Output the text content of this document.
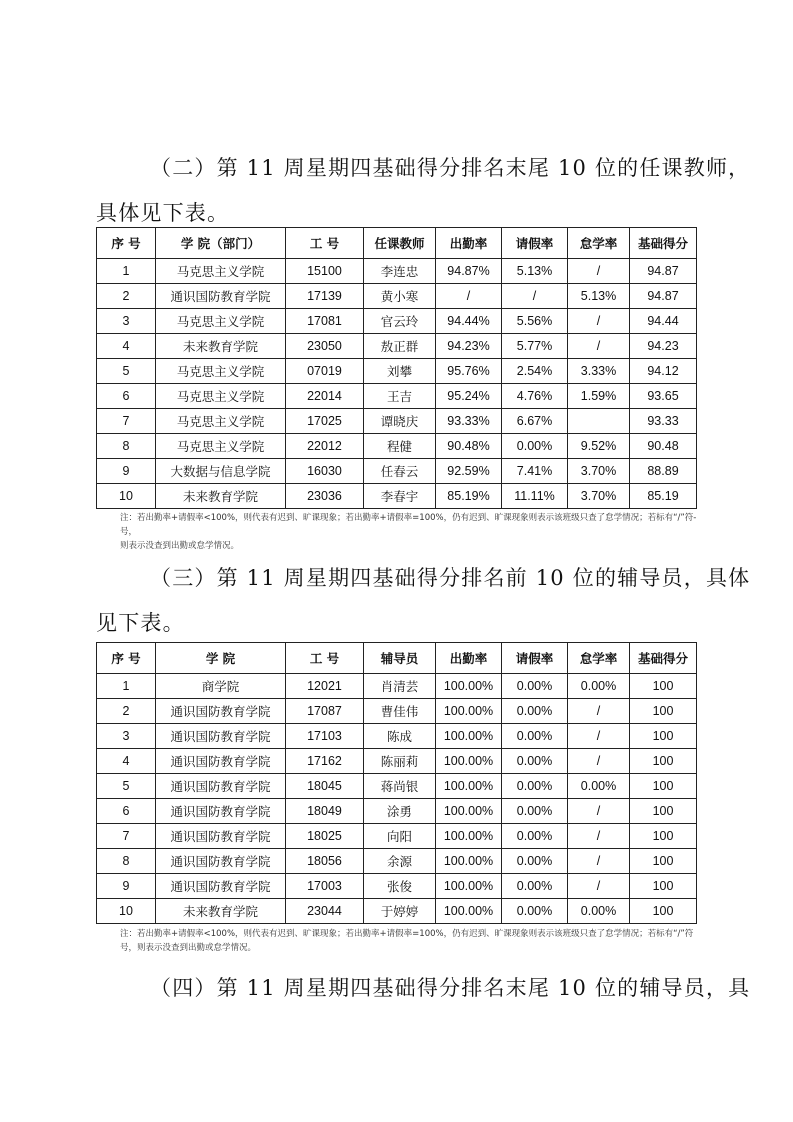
（二）第 11 周星期四基础得分排名末尾 10 位的任课教师，

具体见下表。

序 号	学 院（部门）	工 号	任课教师	出勤率	请假率	怠学率	基础得分
1	马克思主义学院	15100	李连忠	94.87%	5.13%	/	94.87
2	通识国防教育学院	17139	黄小寒	/	/	5.13%	94.87
3	马克思主义学院	17081	官云玲	94.44%	5.56%	/	94.44
4	未来教育学院	23050	敖正群	94.23%	5.77%	/	94.23
5	马克思主义学院	07019	刘攀	95.76%	2.54%	3.33%	94.12
6	马克思主义学院	22014	王吉	95.24%	4.76%	1.59%	93.65
7	马克思主义学院	17025	谭晓庆	93.33%	6.67%		93.33
8	马克思主义学院	22012	程健	90.48%	0.00%	9.52%	90.48
9	大数据与信息学院	16030	任春云	92.59%	7.41%	3.70%	88.89
10	未来教育学院	23036	李春宇	85.19%	11.11%	3.70%	85.19
注：若出勤率+请假率<100%，则代表有迟到、旷课现象；若出勤率+请假率=100%，仍有迟到、旷课现象则表示该班级只查了怠学情况；若标有“/”符-号，
则表示没查到出勤或怠学情况。
（三）第 11 周星期四基础得分排名前 10 位的辅导员，具体

见下表。

序 号	学 院	工 号	辅导员	出勤率	请假率	怠学率	基础得分
1	商学院	12021	肖清芸	100.00%	0.00%	0.00%	100
2	通识国防教育学院	17087	曹佳伟	100.00%	0.00%	/	100
3	通识国防教育学院	17103	陈成	100.00%	0.00%	/	100
4	通识国防教育学院	17162	陈丽莉	100.00%	0.00%	/	100
5	通识国防教育学院	18045	蒋尚银	100.00%	0.00%	0.00%	100
6	通识国防教育学院	18049	涂勇	100.00%	0.00%	/	100
7	通识国防教育学院	18025	向阳	100.00%	0.00%	/	100
8	通识国防教育学院	18056	余源	100.00%	0.00%	/	100
9	通识国防教育学院	17003	张俊	100.00%	0.00%	/	100
10	未来教育学院	23044	于婷婷	100.00%	0.00%	0.00%	100
注：若出勤率+请假率<100%，则代表有迟到、旷课现象；若出勤率+请假率=100%，仍有迟到、旷课现象则表示该班级只查了怠学情况；若标有“/”符
号，则表示没查到出勤或怠学情况。
（四）第 11 周星期四基础得分排名末尾 10 位的辅导员，具
